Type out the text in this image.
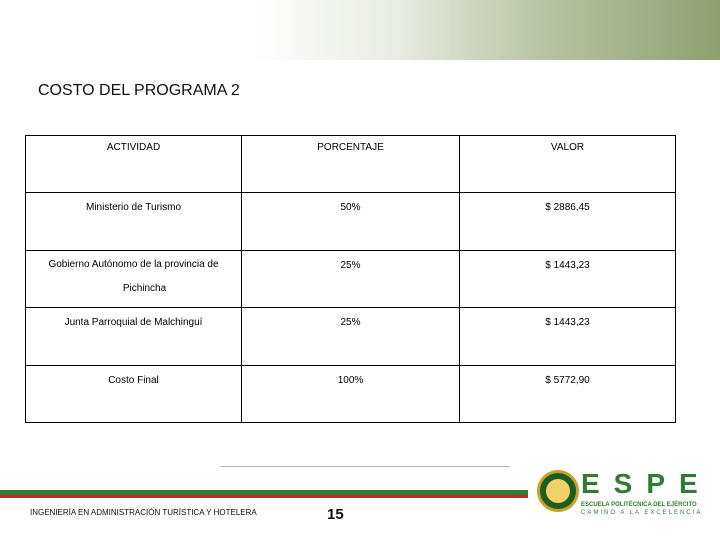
COSTO DEL PROGRAMA 2
ACTIVIDAD	PORCENTAJE	VALOR
Ministerio de Turismo	50%	$ 2886,45

Gobierno Autónomo de la provincia de
Pichincha	25%	$ 1443,23
Junta Parroquial de Malchinguí	25%	$ 1443,23
Costo Final	100%	$ 5772,90
INGENIERÍA EN ADMINISTRACIÓN TURÍSTICA Y HOTELERA	15
ESPE
ESCUELA POLITÉCNICA DEL EJÉRCITO
CAMINO A LA EXCELENCIA
